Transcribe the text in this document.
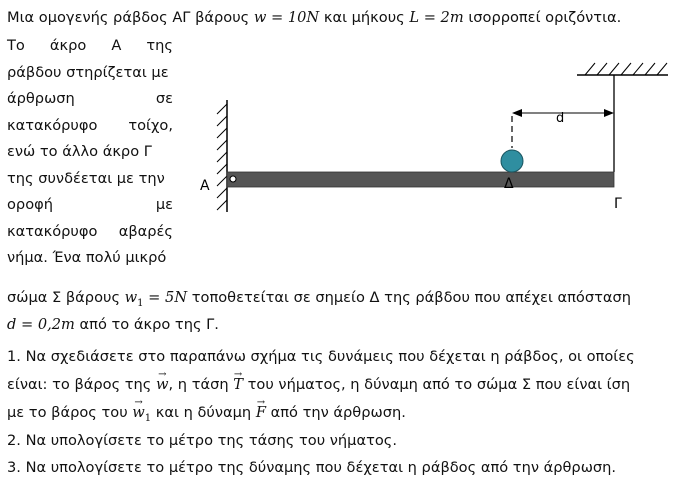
Μια ομογενής ράβδος ΑΓ βάρους w = 10N και μήκους L = 2m ισορροπεί οριζόντια.
Το άκρο Α της
ράβδου στηρίζεται με
άρθρωση	σε
κατακόρυφο τοίχο,
ενώ το άλλο άκρο Γ
της συνδέεται με την
οροφή	με
κατακόρυφο αβαρές
νήμα. Ένα πολύ μικρό
d
Α	Δ
Γ
σώμα Σ βάρους $w_1 = 5N$ τοποθετείται σε σημείο Δ της ράβδου που απέχει απόσταση
d = 0,2m από το άκρο της Γ.
1. Να σχεδιάσετε στο παραπάνω σχήμα τις δυνάμεις που δέχεται η ράβδος, οι οποίες
είναι: το βάρος της → w, η τάση → T του νήματος, η δύναμη από το σώμα Σ που είναι ίση
με το βάρος $\tau o\upsilon \to w_1$ και η δύναμη → F από την άρθρωση.
2. Να υπολογίσετε το μέτρο της τάσης του νήματος.
3. Να υπολογίσετε το μέτρο της δύναμης που δέχεται η ράβδος από την άρθρωση.
